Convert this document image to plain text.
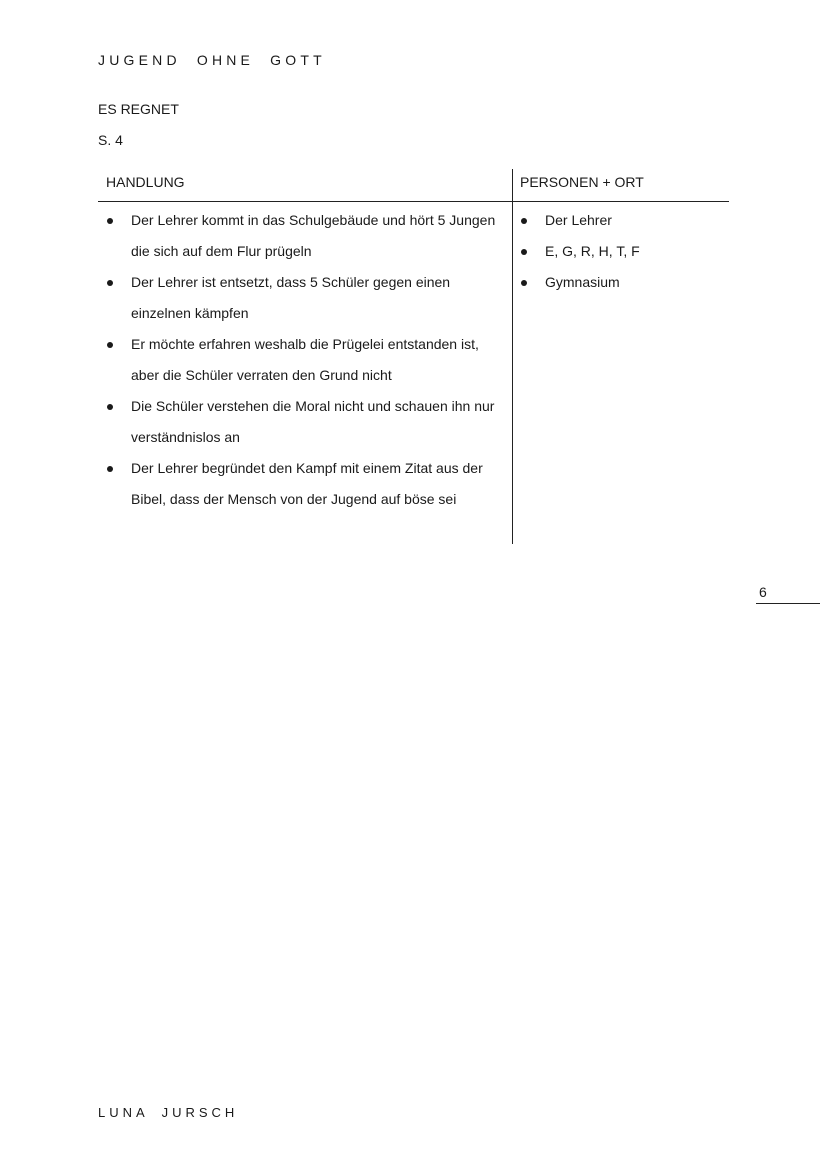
JUGEND OHNE GOTT
ES REGNET
S. 4
HANDLUNG	PERSONEN + ORT
Der Lehrer kommt in das Schulgebäude und hört 5 Jungen die sich auf dem Flur prügeln
Der Lehrer ist entsetzt, dass 5 Schüler gegen einen einzelnen kämpfen
Er möchte erfahren weshalb die Prügelei entstanden ist, aber die Schüler verraten den Grund nicht
Die Schüler verstehen die Moral nicht und schauen ihn nur verständnislos an
Der Lehrer begründet den Kampf mit einem Zitat aus der Bibel, dass der Mensch von der Jugend auf böse sei
Der Lehrer
E, G, R, H, T, F
Gymnasium
6
LUNA JURSCH
